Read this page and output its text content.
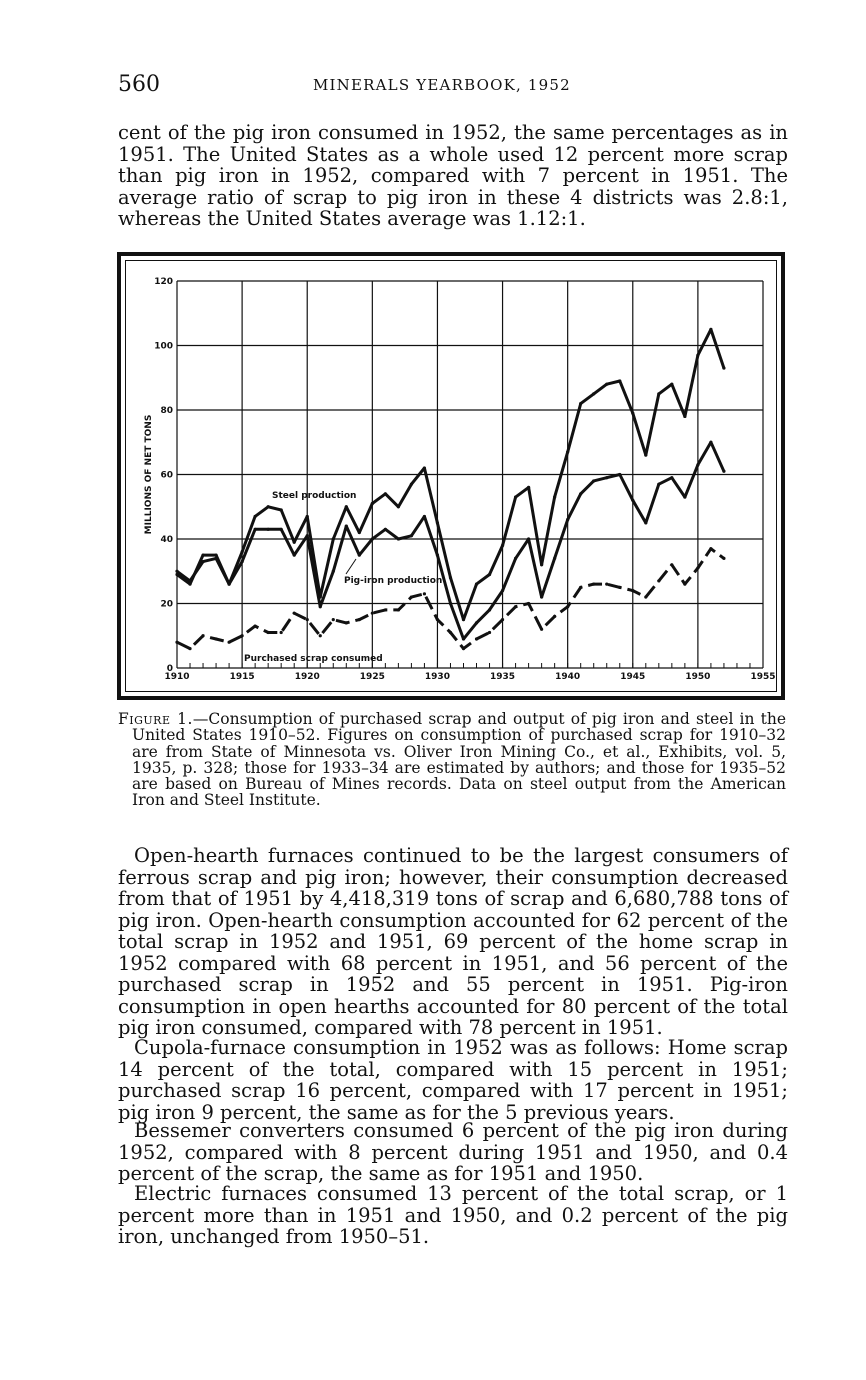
560	MINERALS YEARBOOK, 1952

cent of the pig iron consumed in 1952, the same percentages as in 1951. The United States as a whole used 12 percent more scrap than pig iron in 1952, compared with 7 percent in 1951. The average ratio of scrap to pig iron in these 4 districts was 2.8:1, whereas the United States average was 1.12:1.

0
20
40
60
80
100
120
1910	1915	1920	1925	1930	1935	1940	1945	1950	1955
MILLIONS OF NET TONS	Steel production
Pig-iron production
Purchased scrap consumed

Figure 1.—Consumption of purchased scrap and output of pig iron and steel in the United States 1910–52. Figures on consumption of purchased scrap for 1910–32 are from State of Minnesota vs. Oliver Iron Mining Co., et al., Exhibits, vol. 5, 1935, p. 328; those for 1933–34 are estimated by authors; and those for 1935–52 are based on Bureau of Mines records. Data on steel output from the American Iron and Steel Institute.

Open-hearth furnaces continued to be the largest consumers of ferrous scrap and pig iron; however, their consumption decreased from that of 1951 by 4,418,319 tons of scrap and 6,680,788 tons of pig iron. Open-hearth consumption accounted for 62 percent of the total scrap in 1952 and 1951, 69 percent of the home scrap in 1952 compared with 68 percent in 1951, and 56 percent of the purchased scrap in 1952 and 55 percent in 1951. Pig-iron consumption in open hearths accounted for 80 percent of the total pig iron consumed, compared with 78 percent in 1951.

Cupola-furnace consumption in 1952 was as follows: Home scrap 14 percent of the total, compared with 15 percent in 1951; purchased scrap 16 percent, compared with 17 percent in 1951; pig iron 9 percent, the same as for the 5 previous years.

Bessemer converters consumed 6 percent of the pig iron during 1952, compared with 8 percent during 1951 and 1950, and 0.4 percent of the scrap, the same as for 1951 and 1950.

Electric furnaces consumed 13 percent of the total scrap, or 1 percent more than in 1951 and 1950, and 0.2 percent of the pig iron, unchanged from 1950–51.
